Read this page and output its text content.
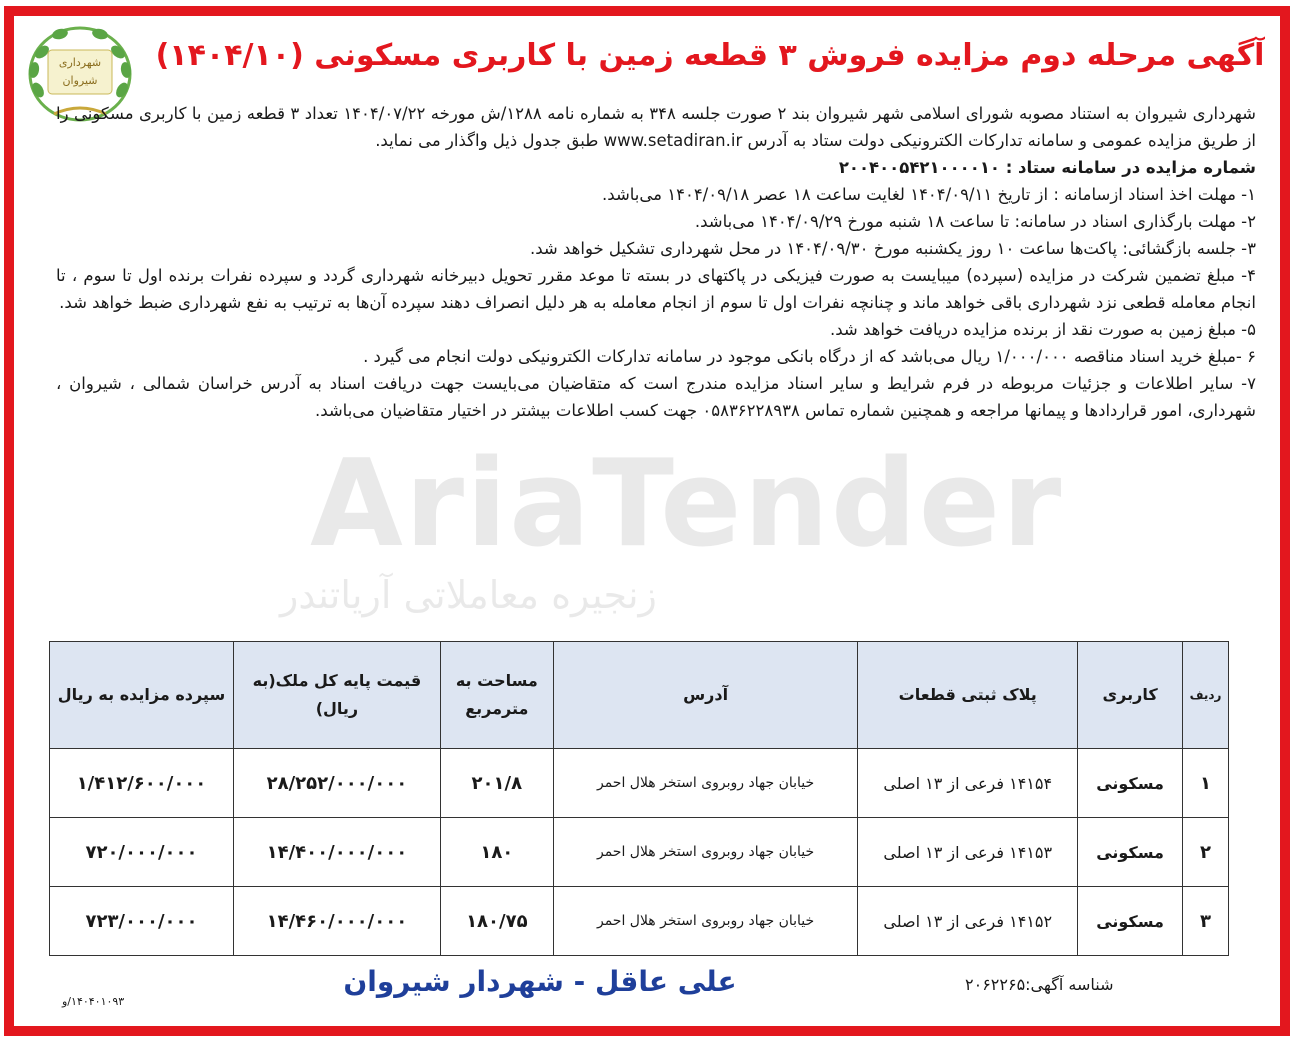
شهرداری
شیروان
آگهی مرحله دوم مزایده فروش ۳ قطعه زمین با کاربری مسکونی (۱۴۰۴/۱۰)
AriaTender
زنجیره معاملاتی آریاتندر

شهرداری شیروان به استناد مصوبه شورای اسلامی شهر شیروان بند ۲ صورت جلسه ۳۴۸ به شماره نامه ۱۲۸۸/ش مورخه ۱۴۰۴/۰۷/۲۲ تعداد ۳ قطعه زمین با کاربری مسکونی را از طریق مزایده عمومی و سامانه تدارکات الکترونیکی دولت ستاد به آدرس www.setadiran.ir طبق جدول ذیل واگذار می نماید.

شماره مزایده در سامانه ستاد : ۲۰۰۴۰۰۵۴۲۱۰۰۰۰۱۰

۱- مهلت اخذ اسناد ازسامانه : از تاریخ ۱۴۰۴/۰۹/۱۱ لغایت ساعت ۱۸ عصر ۱۴۰۴/۰۹/۱۸ می‌باشد.

۲- مهلت بارگذاری اسناد در سامانه: تا ساعت ۱۸ شنبه مورخ ۱۴۰۴/۰۹/۲۹ می‌باشد.

۳- جلسه بازگشائی: پاکت‌ها ساعت ۱۰ روز یکشنبه مورخ ۱۴۰۴/۰۹/۳۰ در محل شهرداری تشکیل خواهد شد.

۴- مبلغ تضمین شرکت در مزایده (سپرده) میبایست به صورت فیزیکی در پاکتهای در بسته تا موعد مقرر تحویل دبیرخانه شهرداری گردد و سپرده نفرات برنده اول تا سوم ، تا انجام معامله قطعی نزد شهرداری باقی خواهد ماند و چنانچه نفرات اول تا سوم از انجام معامله به هر دلیل انصراف دهند سپرده آن‌ها به ترتیب به نفع شهرداری ضبط خواهد شد.

۵- مبلغ زمین به صورت نقد از برنده مزایده دریافت خواهد شد.

۶ -مبلغ خرید اسناد مناقصه ۱/۰۰۰/۰۰۰ ریال می‌باشد که از درگاه بانکی موجود در سامانه تدارکات الکترونیکی دولت انجام می گیرد .

۷- سایر اطلاعات و جزئیات مربوطه در فرم شرایط و سایر اسناد مزایده مندرج است که متقاضیان می‌بایست جهت دریافت اسناد به آدرس خراسان شمالی ، شیروان ، شهرداری، امور قراردادها و پیمانها مراجعه و همچنین شماره تماس ۰۵۸۳۶۲۲۸۹۳۸ جهت کسب اطلاعات بیشتر در اختیار متقاضیان می‌باشد.

ردیف	کاربری	پلاک ثبتی قطعات	آدرس	مساحت به مترمربع	قیمت پایه کل ملک(به ریال)	سپرده مزایده به ریال
۱	مسکونی	۱۴۱۵۴ فرعی از ۱۳ اصلی	خیابان جهاد روبروی استخر هلال احمر	۲۰۱/۸	۲۸/۲۵۲/۰۰۰/۰۰۰	۱/۴۱۲/۶۰۰/۰۰۰
۲	مسکونی	۱۴۱۵۳ فرعی از ۱۳ اصلی	خیابان جهاد روبروی استخر هلال احمر	۱۸۰	۱۴/۴۰۰/۰۰۰/۰۰۰	۷۲۰/۰۰۰/۰۰۰
۳	مسکونی	۱۴۱۵۲ فرعی از ۱۳ اصلی	خیابان جهاد روبروی استخر هلال احمر	۱۸۰/۷۵	۱۴/۴۶۰/۰۰۰/۰۰۰	۷۲۳/۰۰۰/۰۰۰
شناسه آگهی:۲۰۶۲۲۶۵
علی عاقل - شهردار شیروان
۱۴۰۴۰۱۰۹۳/و
